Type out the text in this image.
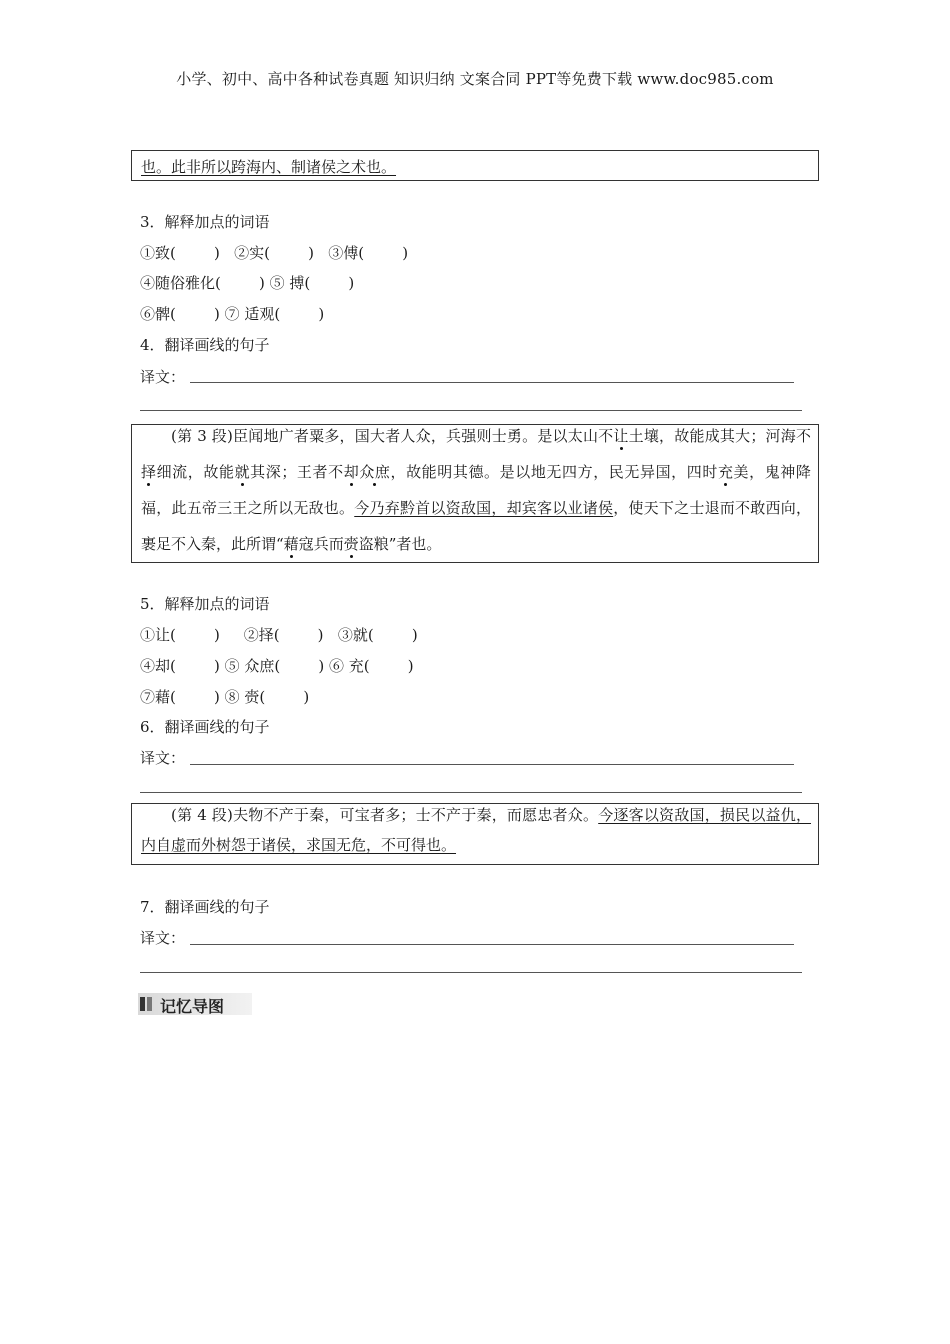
小学、初中、高中各种试卷真题 知识归纳 文案合同 PPT等免费下载 www.doc985.com
也。此非所以跨海内、制诸侯之术也。
3．解释加点的词语
①致(        )   ②实(        )   ③傅(        )
④随俗雅化(        ) ⑤ 搏(        )
⑥髀(        ) ⑦ 适观(        )
4．翻译画线的句子
译文：
(第 3 段)臣闻地广者粟多，国大者人众，兵强则士勇。是以太山不让土壤，故能成其大；河海不择细流，故能就其深；王者不却众庶，故能明其德。是以地无四方，民无异国，四时充美，鬼神降福，此五帝三王之所以无敌也。今乃弃黔首以资敌国，却宾客以业诸侯，使天下之士退而不敢西向，裹足不入秦，此所谓“藉寇兵而赍盗粮”者也。
5．解释加点的词语
①让(        )     ②择(        )   ③就(        )
④却(        ) ⑤ 众庶(        ) ⑥ 充(        )
⑦藉(        ) ⑧ 赍(        )
6．翻译画线的句子
译文：
(第 4 段)夫物不产于秦，可宝者多；士不产于秦，而愿忠者众。今逐客以资敌国，损民以益仇，内自虚而外树怨于诸侯，求国无危，不可得也。
7．翻译画线的句子
译文：
记忆导图
